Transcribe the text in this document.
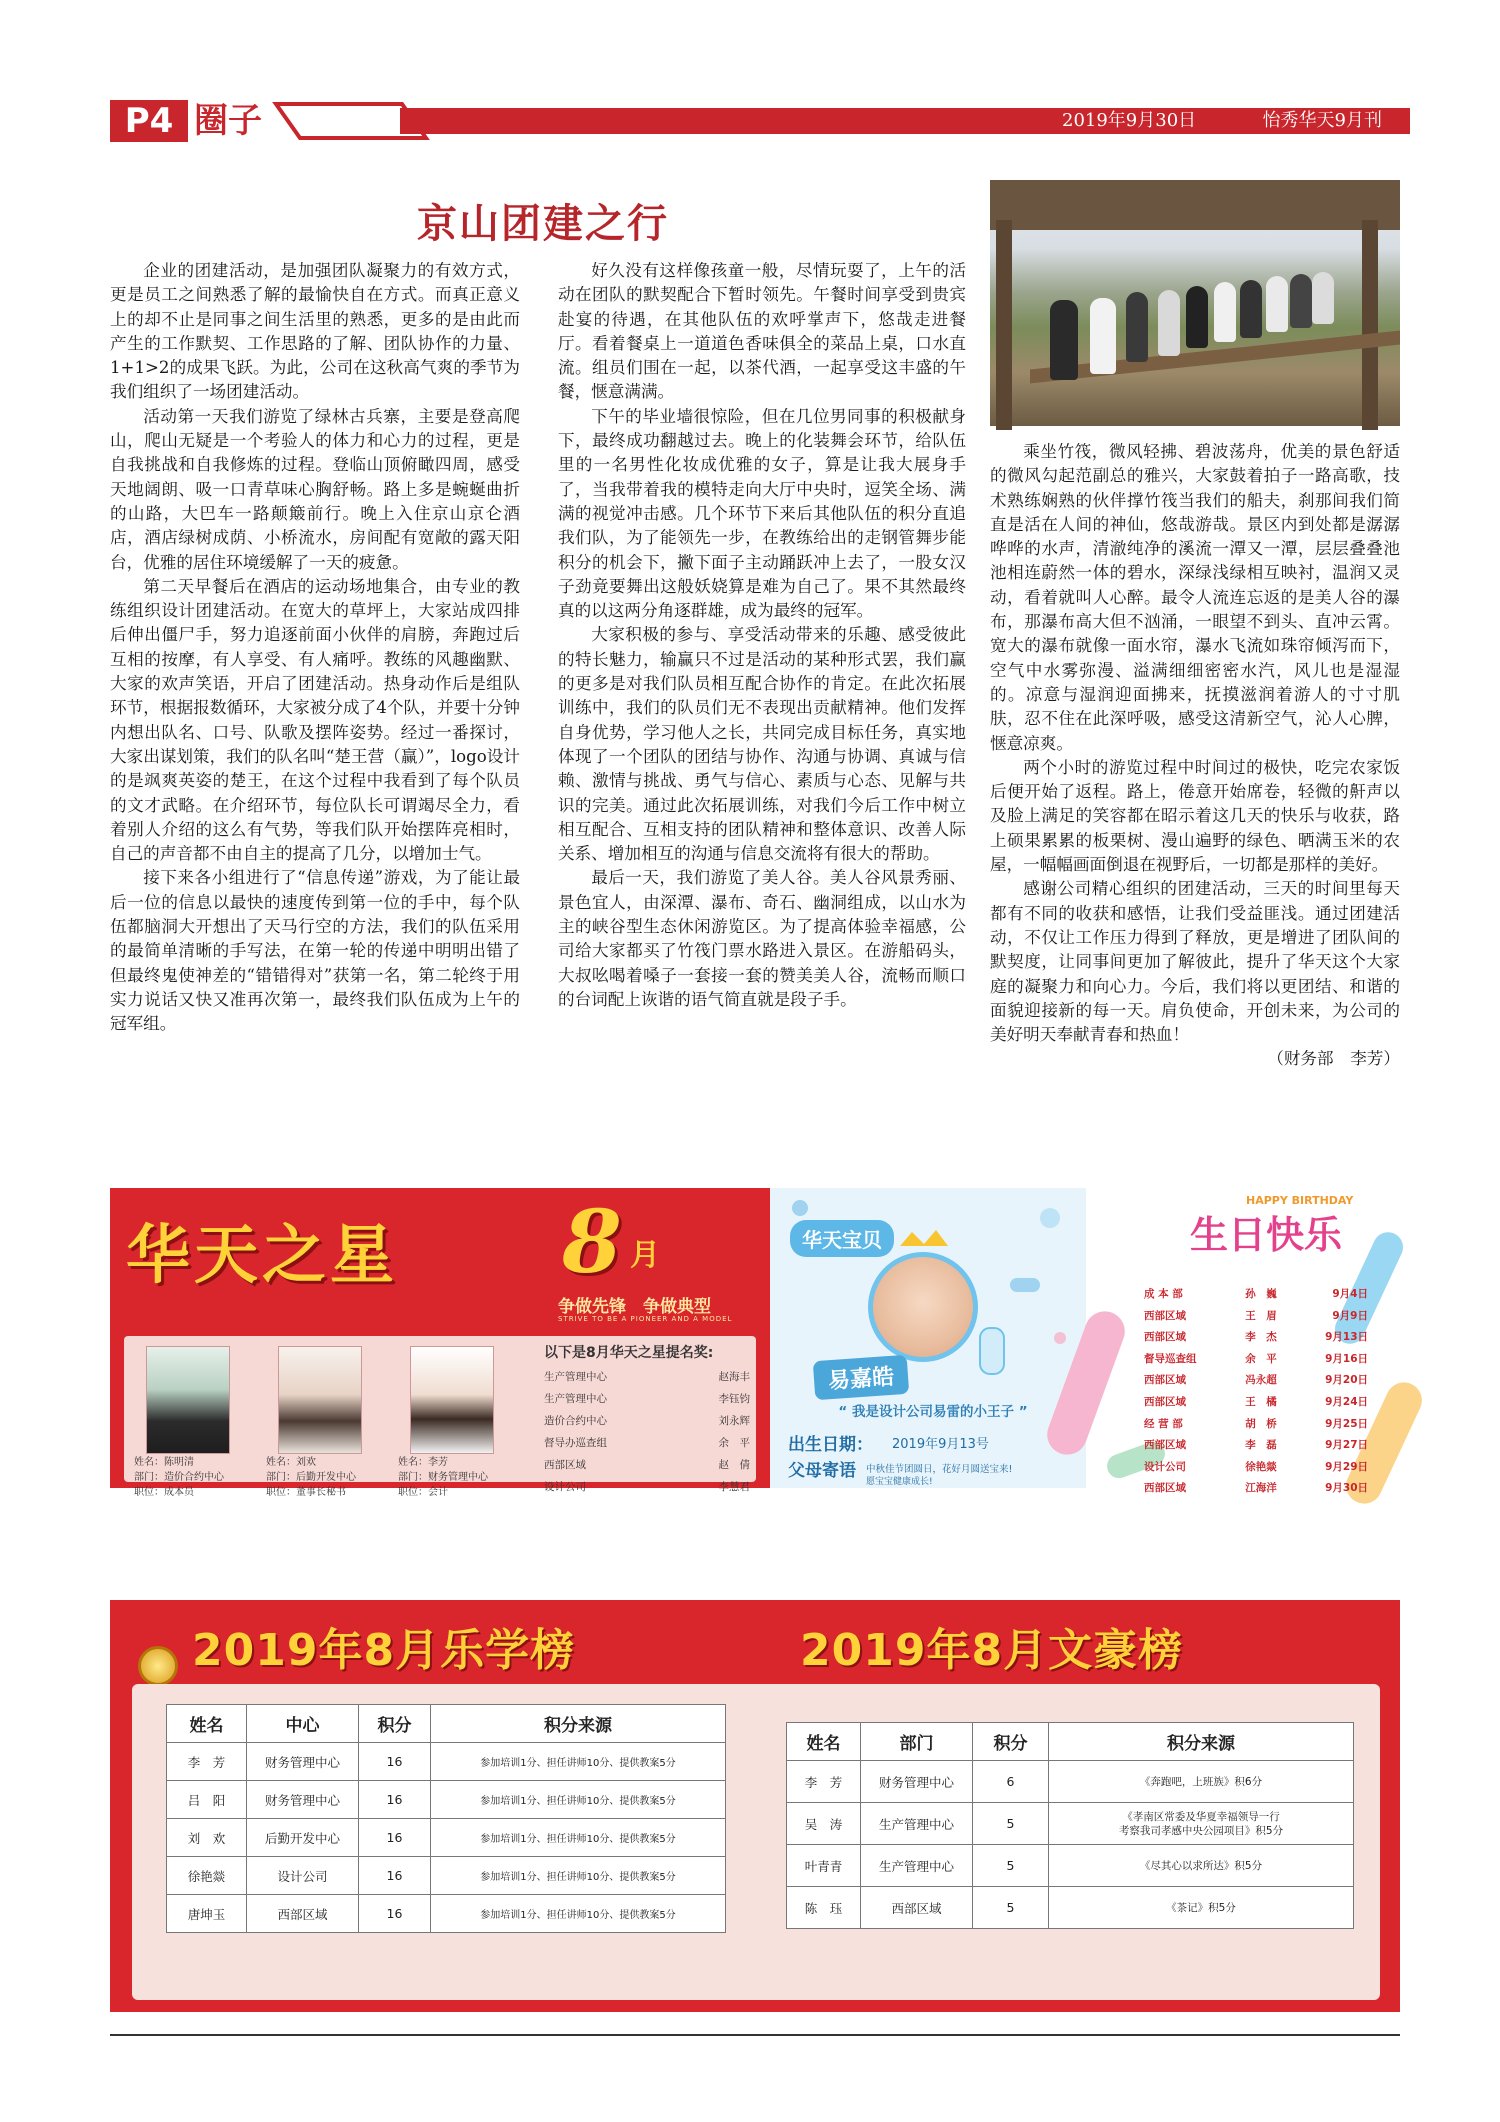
P4 圈子	2019年9月30日	怡秀华天9月刊
京山团建之行

企业的团建活动，是加强团队凝聚力的有效方式，更是员工之间熟悉了解的最愉快自在方式。而真正意义上的却不止是同事之间生活里的熟悉，更多的是由此而产生的工作默契、工作思路的了解、团队协作的力量、1+1>2的成果飞跃。为此，公司在这秋高气爽的季节为我们组织了一场团建活动。

活动第一天我们游览了绿林古兵寨，主要是登高爬山，爬山无疑是一个考验人的体力和心力的过程，更是自我挑战和自我修炼的过程。登临山顶俯瞰四周，感受天地阔朗、吸一口青草味心胸舒畅。路上多是蜿蜒曲折的山路，大巴车一路颠簸前行。晚上入住京山京仑酒店，酒店绿树成荫、小桥流水，房间配有宽敞的露天阳台，优雅的居住环境缓解了一天的疲惫。

第二天早餐后在酒店的运动场地集合，由专业的教练组织设计团建活动。在宽大的草坪上，大家站成四排后伸出僵尸手，努力追逐前面小伙伴的肩膀，奔跑过后互相的按摩，有人享受、有人痛呼。教练的风趣幽默、大家的欢声笑语，开启了团建活动。热身动作后是组队环节，根据报数循环，大家被分成了4个队，并要十分钟内想出队名、口号、队歌及摆阵姿势。经过一番探讨，大家出谋划策，我们的队名叫“楚王营（赢）”，logo设计的是飒爽英姿的楚王，在这个过程中我看到了每个队员的文才武略。在介绍环节，每位队长可谓竭尽全力，看着别人介绍的这么有气势，等我们队开始摆阵亮相时，自己的声音都不由自主的提高了几分，以增加士气。

接下来各小组进行了“信息传递”游戏，为了能让最后一位的信息以最快的速度传到第一位的手中，每个队伍都脑洞大开想出了天马行空的方法，我们的队伍采用的最简单清晰的手写法，在第一轮的传递中明明出错了但最终鬼使神差的“错错得对”获第一名，第二轮终于用实力说话又快又准再次第一，最终我们队伍成为上午的冠军组。

好久没有这样像孩童一般，尽情玩耍了，上午的活动在团队的默契配合下暂时领先。午餐时间享受到贵宾赴宴的待遇，在其他队伍的欢呼掌声下，悠哉走进餐厅。看着餐桌上一道道色香味俱全的菜品上桌，口水直流。组员们围在一起，以茶代酒，一起享受这丰盛的午餐，惬意满满。

下午的毕业墙很惊险，但在几位男同事的积极献身下，最终成功翻越过去。晚上的化装舞会环节，给队伍里的一名男性化妆成优雅的女子，算是让我大展身手了，当我带着我的模特走向大厅中央时，逗笑全场、满满的视觉冲击感。几个环节下来后其他队伍的积分直追我们队，为了能领先一步，在教练给出的走钢管舞步能积分的机会下，撇下面子主动踊跃冲上去了，一股女汉子劲竟要舞出这般妖娆算是难为自己了。果不其然最终真的以这两分角逐群雄，成为最终的冠军。

大家积极的参与、享受活动带来的乐趣、感受彼此的特长魅力，输赢只不过是活动的某种形式罢，我们赢的更多是对我们队员相互配合协作的肯定。在此次拓展训练中，我们的队员们无不表现出贡献精神。他们发挥自身优势，学习他人之长，共同完成目标任务，真实地体现了一个团队的团结与协作、沟通与协调、真诚与信赖、激情与挑战、勇气与信心、素质与心态、见解与共识的完美。通过此次拓展训练，对我们今后工作中树立相互配合、互相支持的团队精神和整体意识、改善人际关系、增加相互的沟通与信息交流将有很大的帮助。

最后一天，我们游览了美人谷。美人谷风景秀丽、景色宜人，由深潭、瀑布、奇石、幽洞组成，以山水为主的峡谷型生态休闲游览区。为了提高体验幸福感，公司给大家都买了竹筏门票水路进入景区。在游船码头，大叔吆喝着嗓子一套接一套的赞美美人谷，流畅而顺口的台词配上诙谐的语气简直就是段子手。

乘坐竹筏，微风轻拂、碧波荡舟，优美的景色舒适的微风勾起范副总的雅兴，大家鼓着拍子一路高歌，技术熟练娴熟的伙伴撑竹筏当我们的船夫，刹那间我们简直是活在人间的神仙，悠哉游哉。景区内到处都是潺潺哗哗的水声，清澈纯净的溪流一潭又一潭，层层叠叠池池相连蔚然一体的碧水，深绿浅绿相互映衬，温润又灵动，看着就叫人心醉。最令人流连忘返的是美人谷的瀑布，那瀑布高大但不汹涌，一眼望不到头、直冲云霄。宽大的瀑布就像一面水帘，瀑水飞流如珠帘倾泻而下，空气中水雾弥漫、溢满细细密密水汽，风儿也是湿湿的。凉意与湿润迎面拂来，抚摸滋润着游人的寸寸肌肤，忍不住在此深呼吸，感受这清新空气，沁人心脾，惬意凉爽。

两个小时的游览过程中时间过的极快，吃完农家饭后便开始了返程。路上，倦意开始席卷，轻微的鼾声以及脸上满足的笑容都在昭示着这几天的快乐与收获，路上硕果累累的板栗树、漫山遍野的绿色、晒满玉米的农屋，一幅幅画面倒退在视野后，一切都是那样的美好。

感谢公司精心组织的团建活动，三天的时间里每天都有不同的收获和感悟，让我们受益匪浅。通过团建活动，不仅让工作压力得到了释放，更是增进了团队间的默契度，让同事间更加了解彼此，提升了华天这个大家庭的凝聚力和向心力。今后，我们将以更团结、和谐的面貌迎接新的每一天。肩负使命，开创未来，为公司的美好明天奉献青春和热血！

（财务部　李芳）
华天之星 8 月
争做先锋　争做典型
STRIVE TO BE A PIONEER AND A MODEL
姓名：陈明清
部门：造价合约中心
职位：成本员
姓名：刘欢
部门：后勤开发中心
职位：董事长秘书
姓名：李芳
部门：财务管理中心
职位：会计
以下是8月华天之星提名奖:
生产管理中心	赵海丰
生产管理中心	李钰钧
造价合约中心	刘永辉
督导办巡查组	余　平
西部区域	赵　倩
设计公司	李慧君
华天宝贝
易嘉皓
“ 我是设计公司易雷的小王子 ”
出生日期： 2019年9月13号
父母寄语 中秋佳节团圆日，花好月圆送宝来!
愿宝宝健康成长!
HAPPY BIRTHDAY
生日快乐
成 本 部	孙　巍	9月4日
西部区域	王　眉	9月9日
西部区域	李　杰	9月13日
督导巡查组	余　平	9月16日
西部区域	冯永超	9月20日
西部区域	王　橘	9月24日
经 营 部	胡　桥	9月25日
西部区域	李　磊	9月27日
设计公司	徐艳燚	9月29日
西部区域	江海洋	9月30日
2019年8月乐学榜	2019年8月文豪榜
姓名	中心	积分	积分来源
李　芳	财务管理中心	16	参加培训1分、担任讲师10分、提供教案5分
吕　阳	财务管理中心	16	参加培训1分、担任讲师10分、提供教案5分
刘　欢	后勤开发中心	16	参加培训1分、担任讲师10分、提供教案5分
徐艳燚	设计公司	16	参加培训1分、担任讲师10分、提供教案5分
唐坤玉	西部区域	16	参加培训1分、担任讲师10分、提供教案5分
姓名	部门	积分	积分来源
李　芳	财务管理中心	6	《奔跑吧，上班族》积6分

吴　涛	生产管理中心	5	《孝南区常委及华夏幸福领导一行
考察我司孝感中央公园项目》积5分

叶青青	生产管理中心	5	《尽其心以求所达》积5分

陈　珏	西部区域	5	《茶记》积5分
